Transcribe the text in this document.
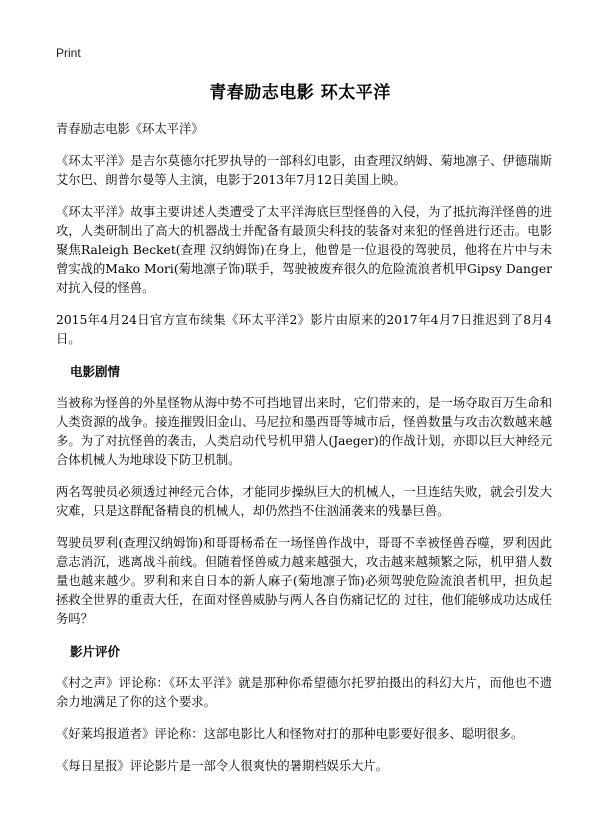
Print
青春励志电影 环太平洋

青春励志电影《环太平洋》

《环太平洋》是吉尔莫德尔托罗执导的一部科幻电影，由查理汉纳姆、菊地凛子、伊德瑞斯艾尔巴、朗普尔曼等人主演，电影于2013年7月12日美国上映。

《环太平洋》故事主要讲述人类遭受了太平洋海底巨型怪兽的入侵，为了抵抗海洋怪兽的进攻，人类研制出了高大的机器战士并配备有最顶尖科技的装备对来犯的怪兽进行还击。电影聚焦Raleigh Becket(查理 汉纳姆饰)在身上，他曾是一位退役的驾驶员，他将在片中与未曾实战的Mako Mori(菊地凛子饰)联手，驾驶被废弃很久的危险流浪者机甲Gipsy Danger对抗入侵的怪兽。

2015年4月24日官方宣布续集《环太平洋2》影片由原来的2017年4月7日推迟到了8月4日。

电影剧情

当被称为怪兽的外星怪物从海中势不可挡地冒出来时，它们带来的，是一场夺取百万生命和人类资源的战争。接连摧毁旧金山、马尼拉和墨西哥等城市后，怪兽数量与攻击次数越来越多。为了对抗怪兽的袭击，人类启动代号机甲猎人(Jaeger)的作战计划，亦即以巨大神经元合体机械人为地球设下防卫机制。

两名驾驶员必须透过神经元合体，才能同步操纵巨大的机械人，一旦连结失败，就会引发大灾难，只是这群配备精良的机械人，却仍然挡不住汹涌袭来的残暴巨兽。

驾驶员罗利(查理汉纳姆饰)和哥哥杨希在一场怪兽作战中，哥哥不幸被怪兽吞噬，罗利因此意志消沉，逃离战斗前线。但随着怪兽威力越来越强大，攻击越来越频繁之际，机甲猎人数量也越来越少。罗利和来自日本的新人麻子(菊地凛子饰)必须驾驶危险流浪者机甲，担负起拯救全世界的重责大任，在面对怪兽威胁与两人各自伤痛记忆的 过往，他们能够成功达成任务吗？

影片评价

《村之声》评论称：《环太平洋》就是那种你希望德尔托罗拍摄出的科幻大片，而他也不遗余力地满足了你的这个要求。

《好莱坞报道者》评论称：这部电影比人和怪物对打的那种电影要好很多、聪明很多。

《每日星报》评论影片是一部令人很爽快的暑期档娱乐大片。
